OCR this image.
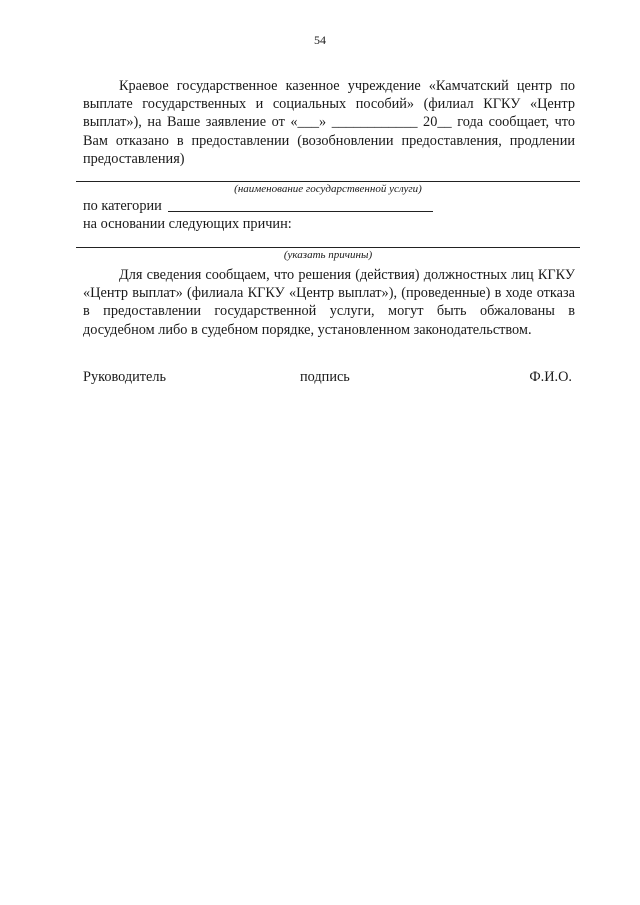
54

Краевое государственное казенное учреждение «Камчатский центр по выплате государственных и социальных пособий» (филиал КГКУ «Центр выплат»), на Ваше заявление от «___» ____________ 20__ года сообщает, что Вам отказано в предоставлении (возобновлении предоставления, продлении предоставления)

(наименование государственной услуги)
по категории
на основании следующих причин:
(указать причины)

Для сведения сообщаем, что решения (действия) должностных лиц КГКУ «Центр выплат» (филиала КГКУ «Центр выплат»), (проведенные) в ходе отказа в предоставлении государственной услуги, могут быть обжалованы в досудебном либо в судебном порядке, установленном законодательством.

Руководитель	подпись	Ф.И.О.
